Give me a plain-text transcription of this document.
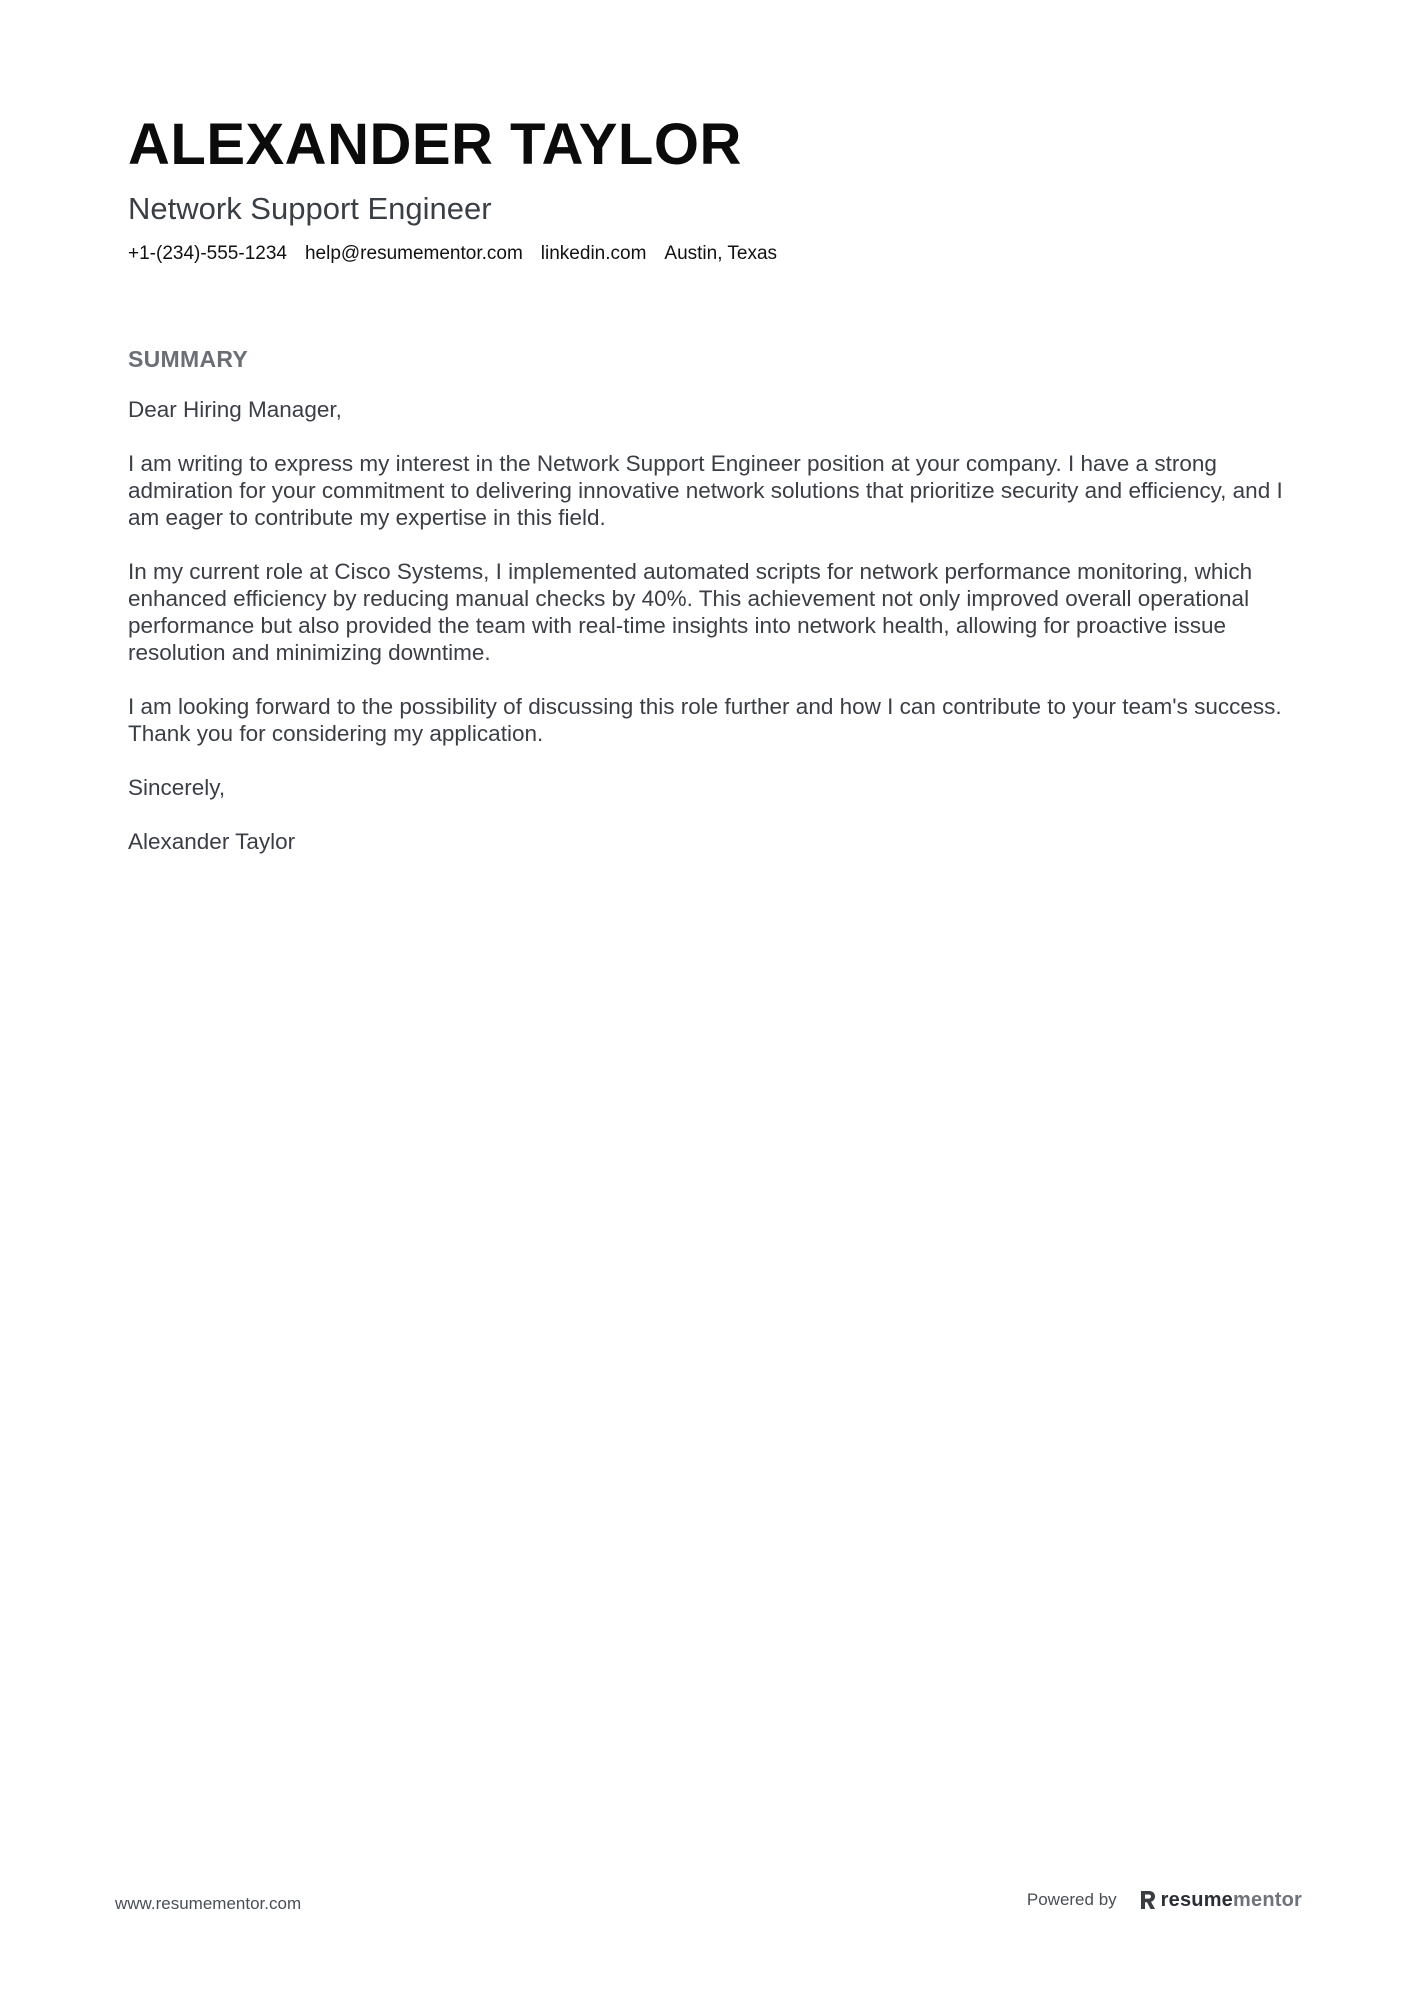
ALEXANDER TAYLOR
Network Support Engineer
+1-(234)-555-1234 help@resumementor.com linkedin.com Austin, Texas
SUMMARY

Dear Hiring Manager,

I am writing to express my interest in the Network Support Engineer position at your company. I have a strong admiration for your commitment to delivering innovative network solutions that prioritize security and efficiency, and I am eager to contribute my expertise in this field.

In my current role at Cisco Systems, I implemented automated scripts for network performance monitoring, which enhanced efficiency by reducing manual checks by 40%. This achievement not only improved overall operational performance but also provided the team with real-time insights into network health, allowing for proactive issue resolution and minimizing downtime.

I am looking forward to the possibility of discussing this role further and how I can contribute to your team's success. Thank you for considering my application.

Sincerely,

Alexander Taylor

www.resumementor.com	Powered by resumementor
